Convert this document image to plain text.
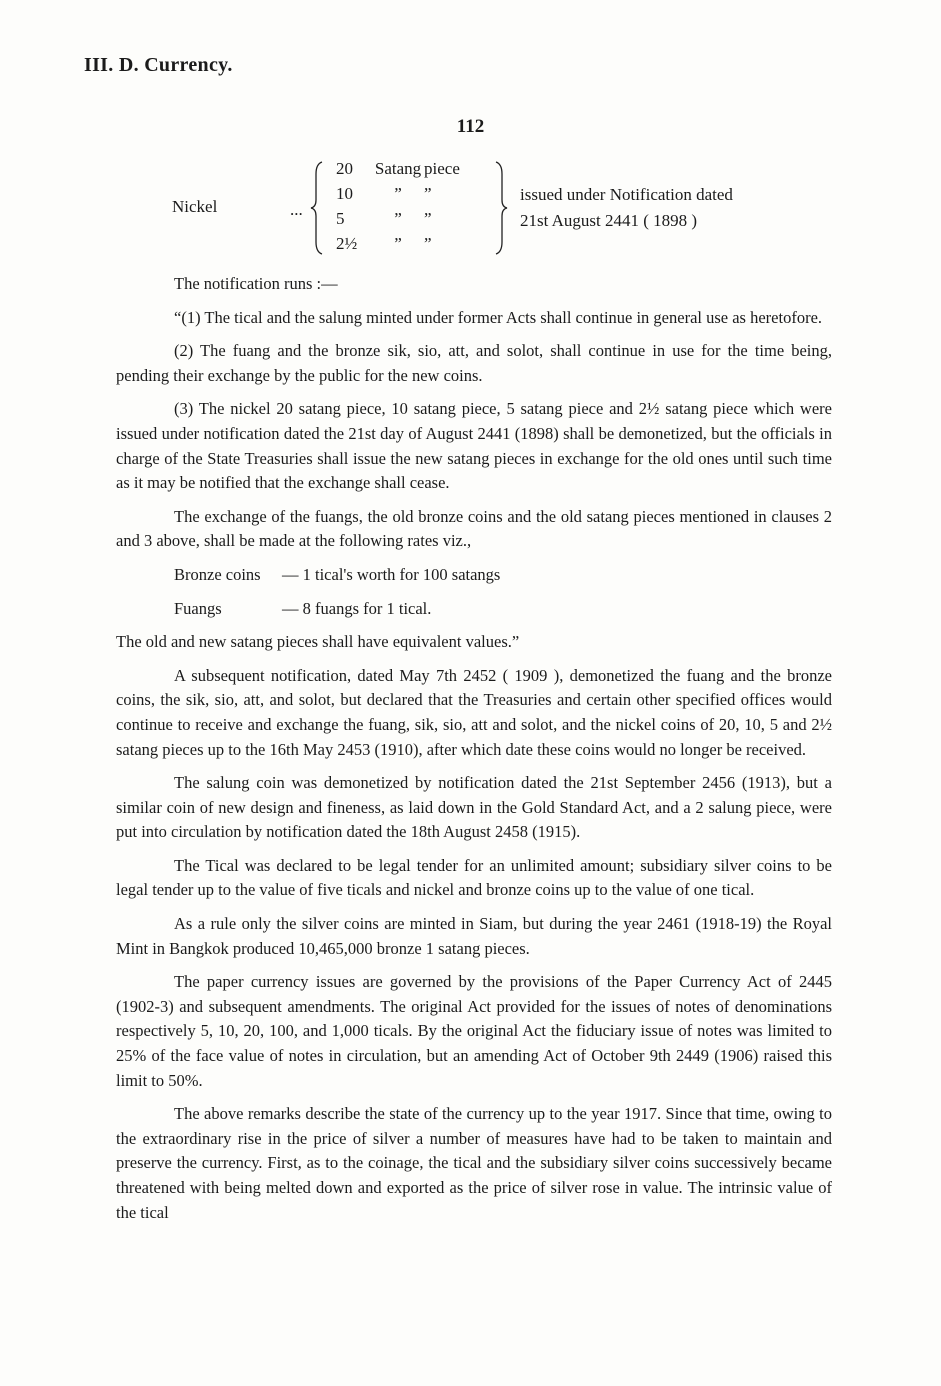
III. D. Currency.
112
Nickel	...
20	Satang	piece
10	”	”
5	”	”
2½	”	”
issued under Notification dated
21st August 2441 ( 1898 )

The notification runs :—

“(1) The tical and the salung minted under former Acts shall continue in general use as heretofore.

(2) The fuang and the bronze sik, sio, att, and solot, shall continue in use for the time being, pending their exchange by the public for the new coins.

(3) The nickel 20 satang piece, 10 satang piece, 5 satang piece and 2½ satang piece which were issued under notification dated the 21st day of August 2441 (1898) shall be demonetized, but the officials in charge of the State Treasuries shall issue the new satang pieces in exchange for the old ones until such time as it may be notified that the exchange shall cease.

The exchange of the fuangs, the old bronze coins and the old satang pieces mentioned in clauses 2 and 3 above, shall be made at the following rates viz.,

Bronze coins — 1 tical's worth for 100 satangs
Fuangs	— 8 fuangs for 1 tical.

The old and new satang pieces shall have equivalent values.”

A subsequent notification, dated May 7th 2452 ( 1909 ), demonetized the fuang and the bronze coins, the sik, sio, att, and solot, but declared that the Treasuries and certain other specified offices would continue to receive and exchange the fuang, sik, sio, att and solot, and the nickel coins of 20, 10, 5 and 2½ satang pieces up to the 16th May 2453 (1910), after which date these coins would no longer be received.

The salung coin was demonetized by notification dated the 21st September 2456 (1913), but a similar coin of new design and fineness, as laid down in the Gold Standard Act, and a 2 salung piece, were put into circulation by notification dated the 18th August 2458 (1915).

The Tical was declared to be legal tender for an unlimited amount; subsidiary silver coins to be legal tender up to the value of five ticals and nickel and bronze coins up to the value of one tical.

As a rule only the silver coins are minted in Siam, but during the year 2461 (1918-19) the Royal Mint in Bangkok produced 10,465,000 bronze 1 satang pieces.

The paper currency issues are governed by the provisions of the Paper Currency Act of 2445 (1902-3) and subsequent amendments. The original Act provided for the issues of notes of denominations respectively 5, 10, 20, 100, and 1,000 ticals. By the original Act the fiduciary issue of notes was limited to 25% of the face value of notes in circulation, but an amending Act of October 9th 2449 (1906) raised this limit to 50%.

The above remarks describe the state of the currency up to the year 1917. Since that time, owing to the extraordinary rise in the price of silver a number of measures have had to be taken to maintain and preserve the currency. First, as to the coinage, the tical and the subsidiary silver coins successively became threatened with being melted down and exported as the price of silver rose in value. The intrinsic value of the tical
